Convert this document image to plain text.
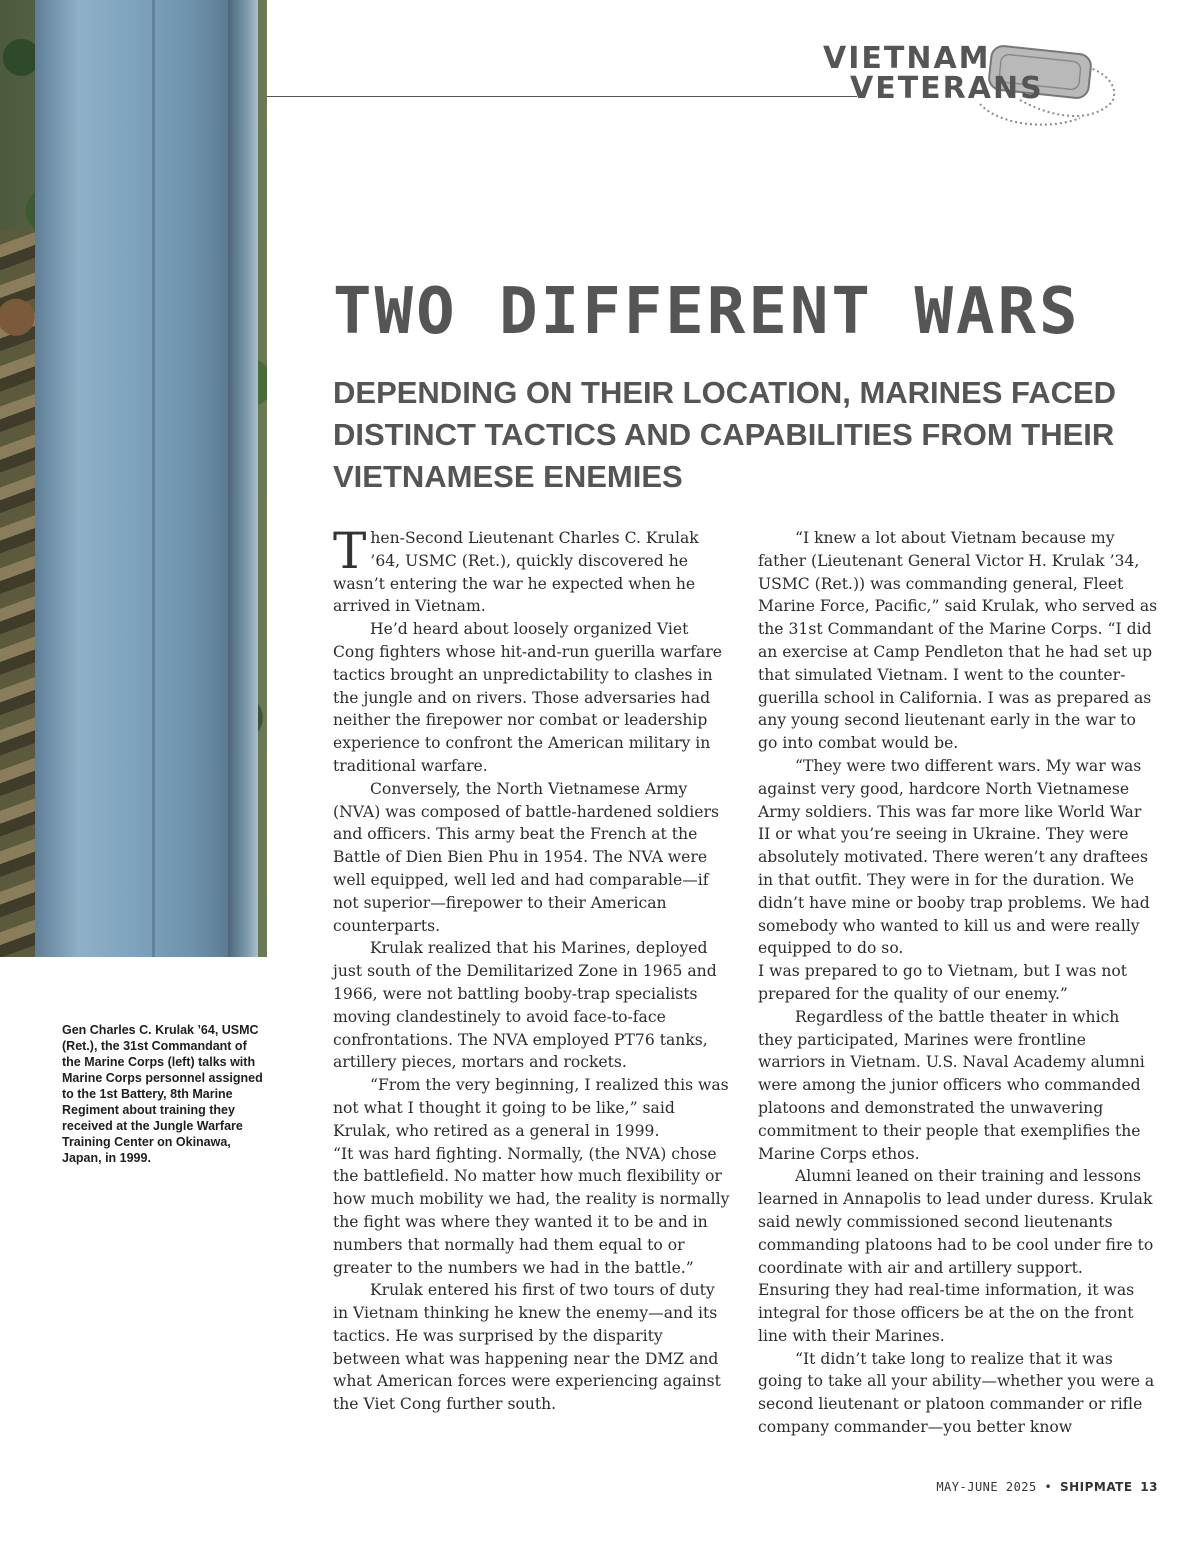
VIETNAM
VETERANS
TWO DIFFERENT WARS
DEPENDING ON THEIR LOCATION, MARINES FACED DISTINCT TACTICS AND CAPABILITIES FROM THEIR VIETNAMESE ENEMIES

Then-Second Lieutenant Charles C. Krulak ’64, USMC (Ret.), quickly discovered he wasn’t entering the war he expected when he arrived in Vietnam.

He’d heard about loosely organized Viet Cong fighters whose hit-and-run guerilla warfare tactics brought an unpredictability to clashes in the jungle and on rivers. Those adversaries had neither the firepower nor combat or leadership experience to confront the American military in traditional warfare.

Conversely, the North Vietnamese Army (NVA) was composed of battle-hardened soldiers and officers. This army beat the French at the Battle of Dien Bien Phu in 1954. The NVA were well equipped, well led and had comparable—if not superior—firepower to their American counterparts.

Krulak realized that his Marines, deployed just south of the Demilitarized Zone in 1965 and 1966, were not battling booby-trap specialists moving clandestinely to avoid face-to-face confrontations. The NVA employed PT76 tanks, artillery pieces, mortars and rockets.

“From the very beginning, I realized this was not what I thought it going to be like,” said Krulak, who retired as a general in 1999.

“It was hard fighting. Normally, (the NVA) chose the battlefield. No matter how much flexibility or how much mobility we had, the reality is normally the fight was where they wanted it to be and in numbers that normally had them equal to or greater to the numbers we had in the battle.”

Krulak entered his first of two tours of duty in Vietnam thinking he knew the enemy—and its tactics. He was surprised by the disparity between what was happening near the DMZ and what American forces were experiencing against the Viet Cong further south.

“I knew a lot about Vietnam because my father (Lieutenant General Victor H. Krulak ’34, USMC (Ret.)) was commanding general, Fleet Marine Force, Pacific,” said Krulak, who served as the 31st Commandant of the Marine Corps. “I did an exercise at Camp Pendleton that he had set up that simulated Vietnam. I went to the counter-guerilla school in California. I was as prepared as any young second lieutenant early in the war to go into combat would be.

“They were two different wars. My war was against very good, hardcore North Vietnamese Army soldiers. This was far more like World War II or what you’re seeing in Ukraine. They were absolutely motivated. There weren’t any draftees in that outfit. They were in for the duration. We didn’t have mine or booby trap problems. We had somebody who wanted to kill us and were really equipped to do so.

I was prepared to go to Vietnam, but I was not prepared for the quality of our enemy.”

Regardless of the battle theater in which they participated, Marines were frontline warriors in Vietnam. U.S. Naval Academy alumni were among the junior officers who commanded platoons and demonstrated the unwavering commitment to their people that exemplifies the Marine Corps ethos.

Alumni leaned on their training and lessons learned in Annapolis to lead under duress. Krulak said newly commissioned second lieutenants commanding platoons had to be cool under fire to coordinate with air and artillery support. Ensuring they had real-time information, it was integral for those officers be at the on the front line with their Marines.

“It didn’t take long to realize that it was going to take all your ability—whether you were a second lieutenant or platoon commander or rifle company commander—you better know

Gen Charles C. Krulak ’64, USMC (Ret.), the 31st Commandant of the Marine Corps (left) talks with Marine Corps personnel assigned to the 1st Battery, 8th Marine Regiment about training they received at the Jungle Warfare Training Center on Okinawa, Japan, in 1999.

MAY-JUNE 2025 • SHIPMATE 13
